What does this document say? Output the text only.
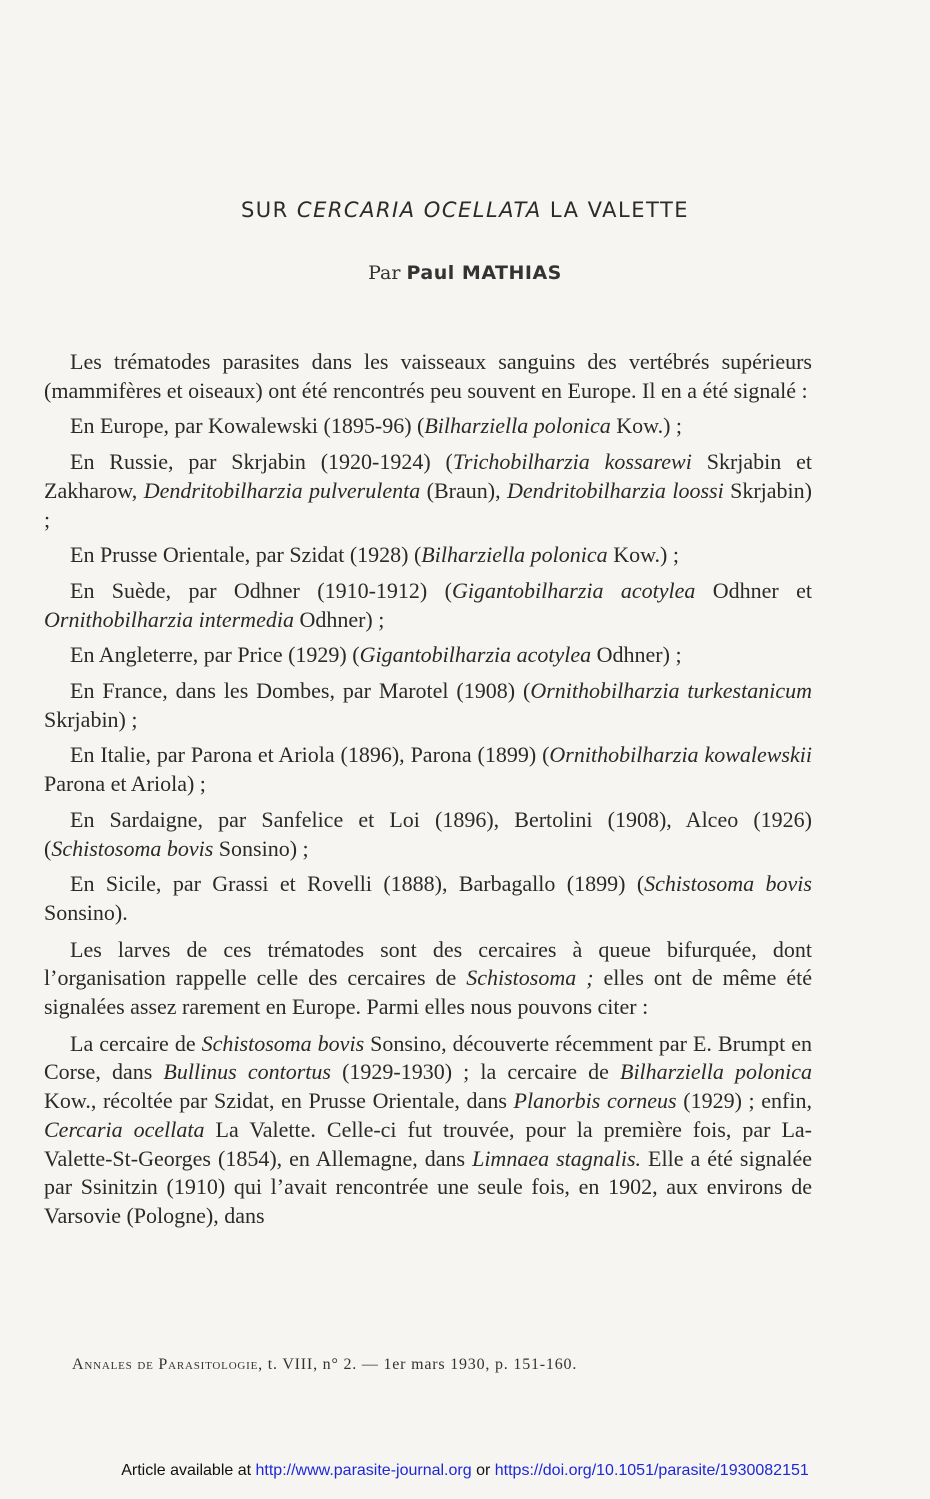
SUR CERCARIA OCELLATA LA VALETTE
Par Paul MATHIAS

Les trématodes parasites dans les vaisseaux sanguins des vertébrés supérieurs (mammifères et oiseaux) ont été rencontrés peu souvent en Europe. Il en a été signalé :

En Europe, par Kowalewski (1895-96) (Bilharziella polonica Kow.) ;

En Russie, par Skrjabin (1920-1924) (Trichobilharzia kossarewi Skrjabin et Zakharow, Dendritobilharzia pulverulenta (Braun), Dendritobilharzia loossi Skrjabin) ;

En Prusse Orientale, par Szidat (1928) (Bilharziella polonica Kow.) ;

En Suède, par Odhner (1910-1912) (Gigantobilharzia acotylea Odhner et Ornithobilharzia intermedia Odhner) ;

En Angleterre, par Price (1929) (Gigantobilharzia acotylea Odhner) ;

En France, dans les Dombes, par Marotel (1908) (Ornithobilharzia turkestanicum Skrjabin) ;

En Italie, par Parona et Ariola (1896), Parona (1899) (Ornithobilharzia kowalewskii Parona et Ariola) ;

En Sardaigne, par Sanfelice et Loi (1896), Bertolini (1908), Alceo (1926) (Schistosoma bovis Sonsino) ;

En Sicile, par Grassi et Rovelli (1888), Barbagallo (1899) (Schistosoma bovis Sonsino).

Les larves de ces trématodes sont des cercaires à queue bifurquée, dont l’organisation rappelle celle des cercaires de Schistosoma ; elles ont de même été signalées assez rarement en Europe. Parmi elles nous pouvons citer :

La cercaire de Schistosoma bovis Sonsino, découverte récemment par E. Brumpt en Corse, dans Bullinus contortus (1929-1930) ; la cercaire de Bilharziella polonica Kow., récoltée par Szidat, en Prusse Orientale, dans Planorbis corneus (1929) ; enfin, Cercaria ocellata La Valette. Celle-ci fut trouvée, pour la première fois, par La-Valette-St-Georges (1854), en Allemagne, dans Limnaea stagnalis. Elle a été signalée par Ssinitzin (1910) qui l’avait rencontrée une seule fois, en 1902, aux environs de Varsovie (Pologne), dans

Annales de Parasitologie, t. VIII, n° 2. — 1er mars 1930, p. 151-160.
Article available at http://www.parasite-journal.org or https://doi.org/10.1051/parasite/1930082151
